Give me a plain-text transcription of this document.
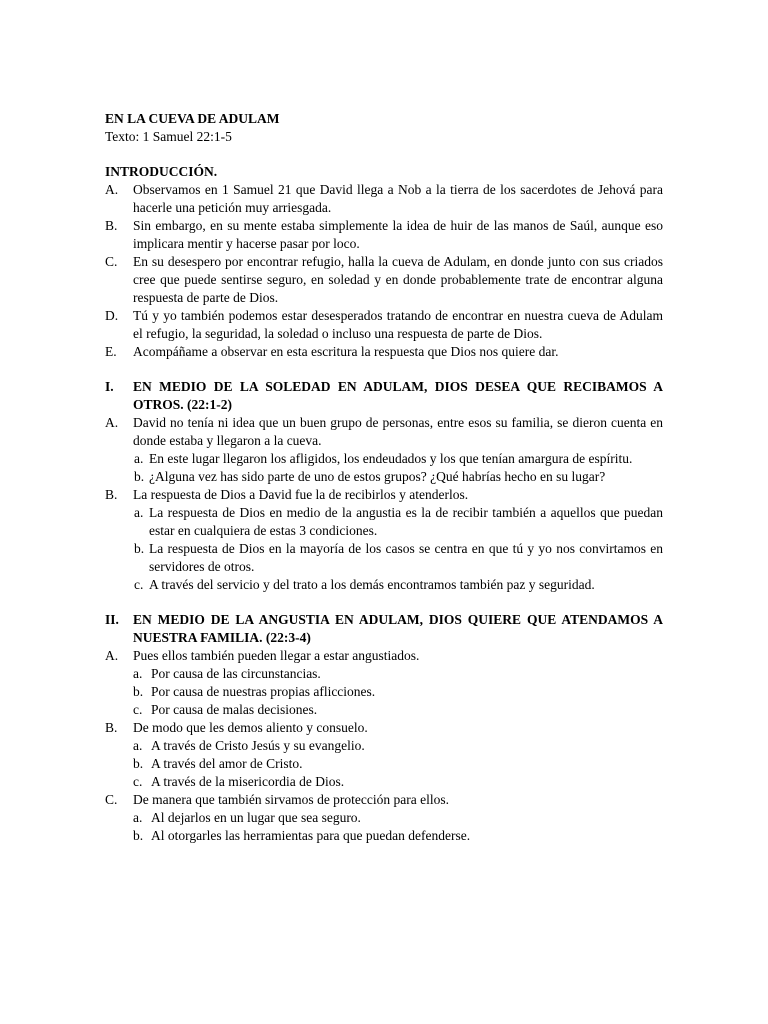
EN LA CUEVA DE ADULAM
Texto: 1 Samuel 22:1-5
INTRODUCCIÓN.
A.	Observamos en 1 Samuel 21 que David llega a Nob a la tierra de los sacerdotes de Jehová para hacerle una petición muy arriesgada.
B.	Sin embargo, en su mente estaba simplemente la idea de huir de las manos de Saúl, aunque eso implicara mentir y hacerse pasar por loco.
C.	En su desespero por encontrar refugio, halla la cueva de Adulam, en donde junto con sus criados cree que puede sentirse seguro, en soledad y en donde probablemente trate de encontrar alguna respuesta de parte de Dios.
D.	Tú y yo también podemos estar desesperados tratando de encontrar en nuestra cueva de Adulam el refugio, la seguridad, la soledad o incluso una respuesta de parte de Dios.
E.	Acompáñame a observar en esta escritura la respuesta que Dios nos quiere dar.
I.	EN MEDIO DE LA SOLEDAD EN ADULAM, DIOS DESEA QUE RECIBAMOS A OTROS. (22:1-2)
A.	David no tenía ni idea que un buen grupo de personas, entre esos su familia, se dieron cuenta en donde estaba y llegaron a la cueva.
a. En este lugar llegaron los afligidos, los endeudados y los que tenían amargura de espíritu.
b. ¿Alguna vez has sido parte de uno de estos grupos? ¿Qué habrías hecho en su lugar?
B.	La respuesta de Dios a David fue la de recibirlos y atenderlos.
a. La respuesta de Dios en medio de la angustia es la de recibir también a aquellos que puedan estar en cualquiera de estas 3 condiciones.
b. La respuesta de Dios en la mayoría de los casos se centra en que tú y yo nos convirtamos en servidores de otros.
c. A través del servicio y del trato a los demás encontramos también paz y seguridad.
II.	EN MEDIO DE LA ANGUSTIA EN ADULAM, DIOS QUIERE QUE ATENDAMOS A NUESTRA FAMILIA. (22:3-4)
A.	Pues ellos también pueden llegar a estar angustiados.
a. Por causa de las circunstancias.
b. Por causa de nuestras propias aflicciones.
c. Por causa de malas decisiones.
B.	De modo que les demos aliento y consuelo.
a. A través de Cristo Jesús y su evangelio.
b. A través del amor de Cristo.
c. A través de la misericordia de Dios.
C.	De manera que también sirvamos de protección para ellos.
a. Al dejarlos en un lugar que sea seguro.
b. Al otorgarles las herramientas para que puedan defenderse.
